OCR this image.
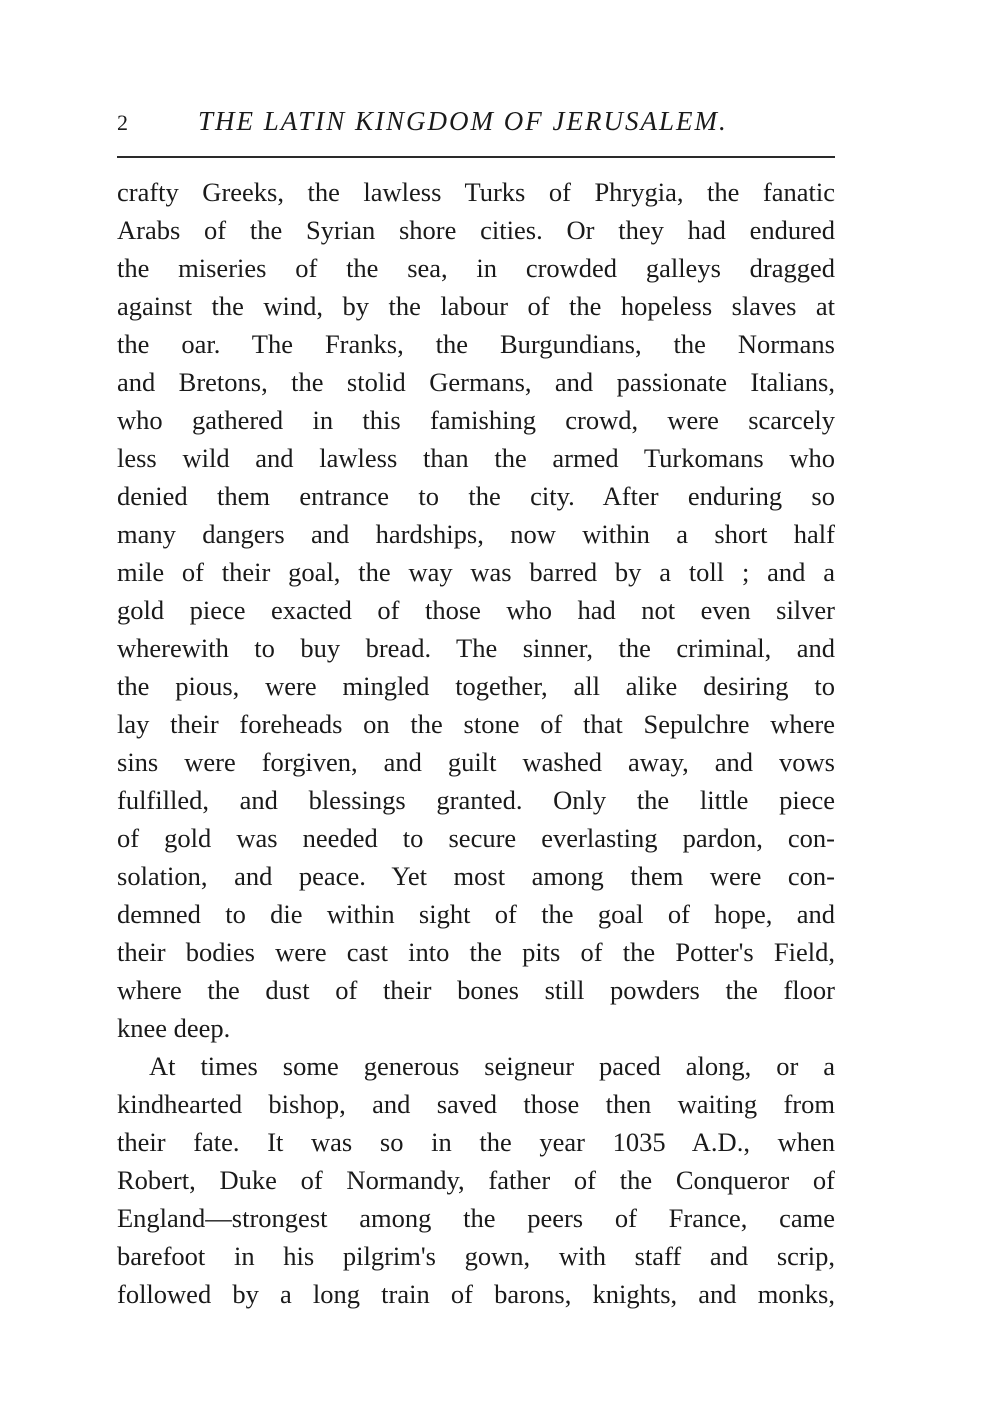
2	THE LATIN KINGDOM OF JERUSALEM.
crafty Greeks, the lawless Turks of Phrygia, the fanatic
Arabs of the Syrian shore cities. Or they had endured
the miseries of the sea, in crowded galleys dragged
against the wind, by the labour of the hopeless slaves at
the oar. The Franks, the Burgundians, the Normans
and Bretons, the stolid Germans, and passionate Italians,
who gathered in this famishing crowd, were scarcely
less wild and lawless than the armed Turkomans who
denied them entrance to the city. After enduring so
many dangers and hardships, now within a short half
mile of their goal, the way was barred by a toll ; and a
gold piece exacted of those who had not even silver
wherewith to buy bread. The sinner, the criminal, and
the pious, were mingled together, all alike desiring to
lay their foreheads on the stone of that Sepulchre where
sins were forgiven, and guilt washed away, and vows
fulfilled, and blessings granted. Only the little piece
of gold was needed to secure everlasting pardon, con-
solation, and peace. Yet most among them were con-
demned to die within sight of the goal of hope, and
their bodies were cast into the pits of the Potter's Field,
where the dust of their bones still powders the floor
knee deep.
At times some generous seigneur paced along, or a
kindhearted bishop, and saved those then waiting from
their fate. It was so in the year 1035 A.D., when
Robert, Duke of Normandy, father of the Conqueror of
England—strongest among the peers of France, came
barefoot in his pilgrim's gown, with staff and scrip,
followed by a long train of barons, knights, and monks,
